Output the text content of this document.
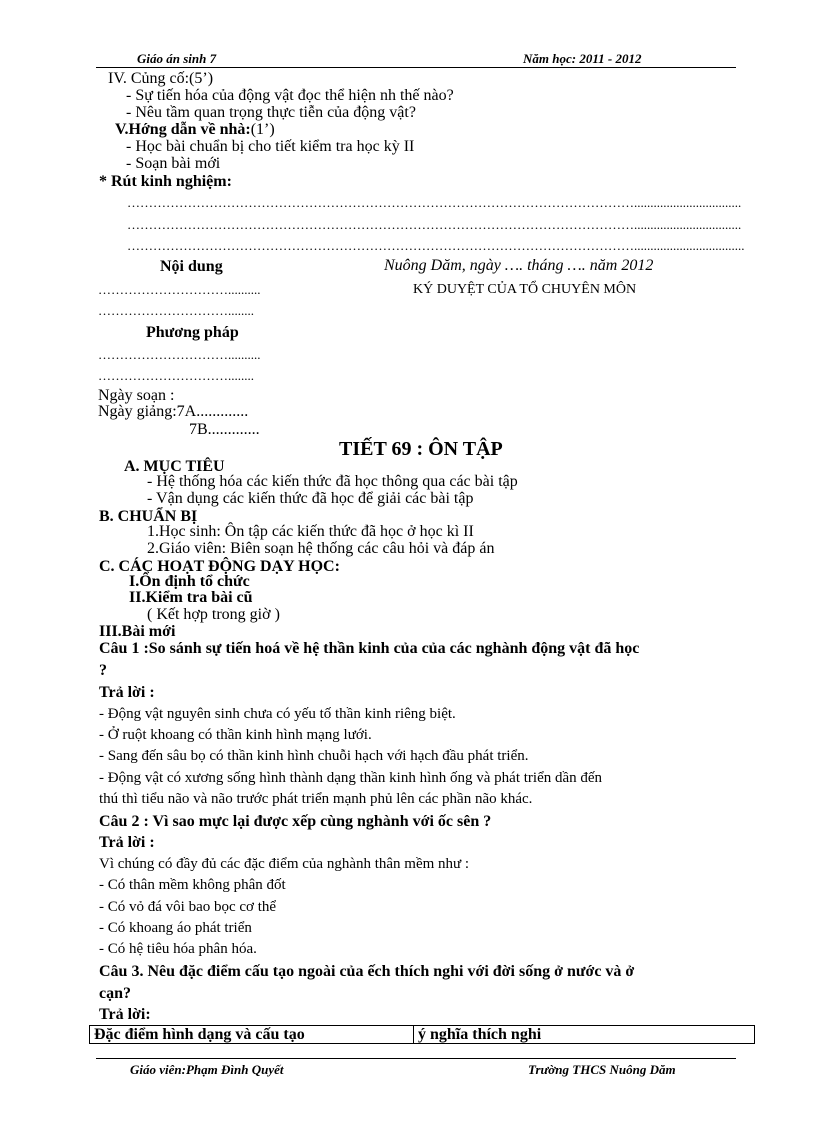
Giáo án sinh 7	Năm học: 2011 - 2012
IV. Củng cố:(5’)
- Sự tiến hóa của động vật đọc thể hiện nh thế nào?
- Nêu tầm quan trọng thực tiễn của động vật?
V.Hớng dẫn về nhà:(1’)
- Học bài chuẩn bị cho tiết kiểm tra học kỳ II
- Soạn bài mới
* Rút kinh nghiệm:
……………………………………………………………………………………………………….................................
……………………………………………………………………………………………………….................................
………………………………………………………………………………………………………..................................
Nội dung	Nuông Dăm, ngày …. tháng …. năm 2012
KÝ DUYỆT CỦA TỔ CHUYÊN MÔN
…………………………..........
…………………………........
Phương pháp
…………………………..........
…………………………........
Ngày soạn :
Ngày giảng:7A.............
7B.............
TIẾT 69 : ÔN TẬP
A. MỤC TIÊU
- Hệ thống hóa các kiến thức đã học thông qua các bài tập
- Vận dụng các kiến thức đã học để giải các bài tập
B. CHUẨN BỊ
1.Học sinh: Ôn tập các kiến thức đã học ở học kì II
2.Giáo viên: Biên soạn hệ thống các câu hỏi và đáp án
C. CÁC HOẠT ĐỘNG DẠY HỌC:
I.Ổn định tổ chức
II.Kiểm tra bài cũ
( Kết hợp trong giờ )
III.Bài mới
Câu 1 :So sánh sự tiến hoá về hệ thần kinh của của các nghành động vật đã học
?
Trả lời :
- Động vật nguyên sinh chưa có yếu tố thần kinh riêng biệt.
- Ở ruột khoang có thần kinh hình mạng lưới.
- Sang đến sâu bọ có thần kinh hình chuỗi hạch với hạch đầu phát triển.
- Động vật có xương sống hình thành dạng thần kinh hình ống và phát triển dần đến
thú thì tiểu não và não trước phát triển mạnh phủ lên các phần não khác.
Câu 2 : Vì sao mực lại được xếp cùng nghành với ốc sên ?
Trả lời :
Vì chúng có đầy đủ các đặc điểm của nghành thân mềm như :
- Có thân mềm không phân đốt
- Có vỏ đá vôi bao bọc cơ thể
- Có khoang áo phát triển
- Có hệ tiêu hóa phân hóa.
Câu 3. Nêu đặc điểm cấu tạo ngoài của ếch thích nghi với đời sống ở nước và ở
cạn?
Trả lời:
Đặc điểm hình dạng và cấu tạo	ý nghĩa thích nghi
Giáo viên:Phạm Đình Quyết	Trường THCS Nuông Dăm
